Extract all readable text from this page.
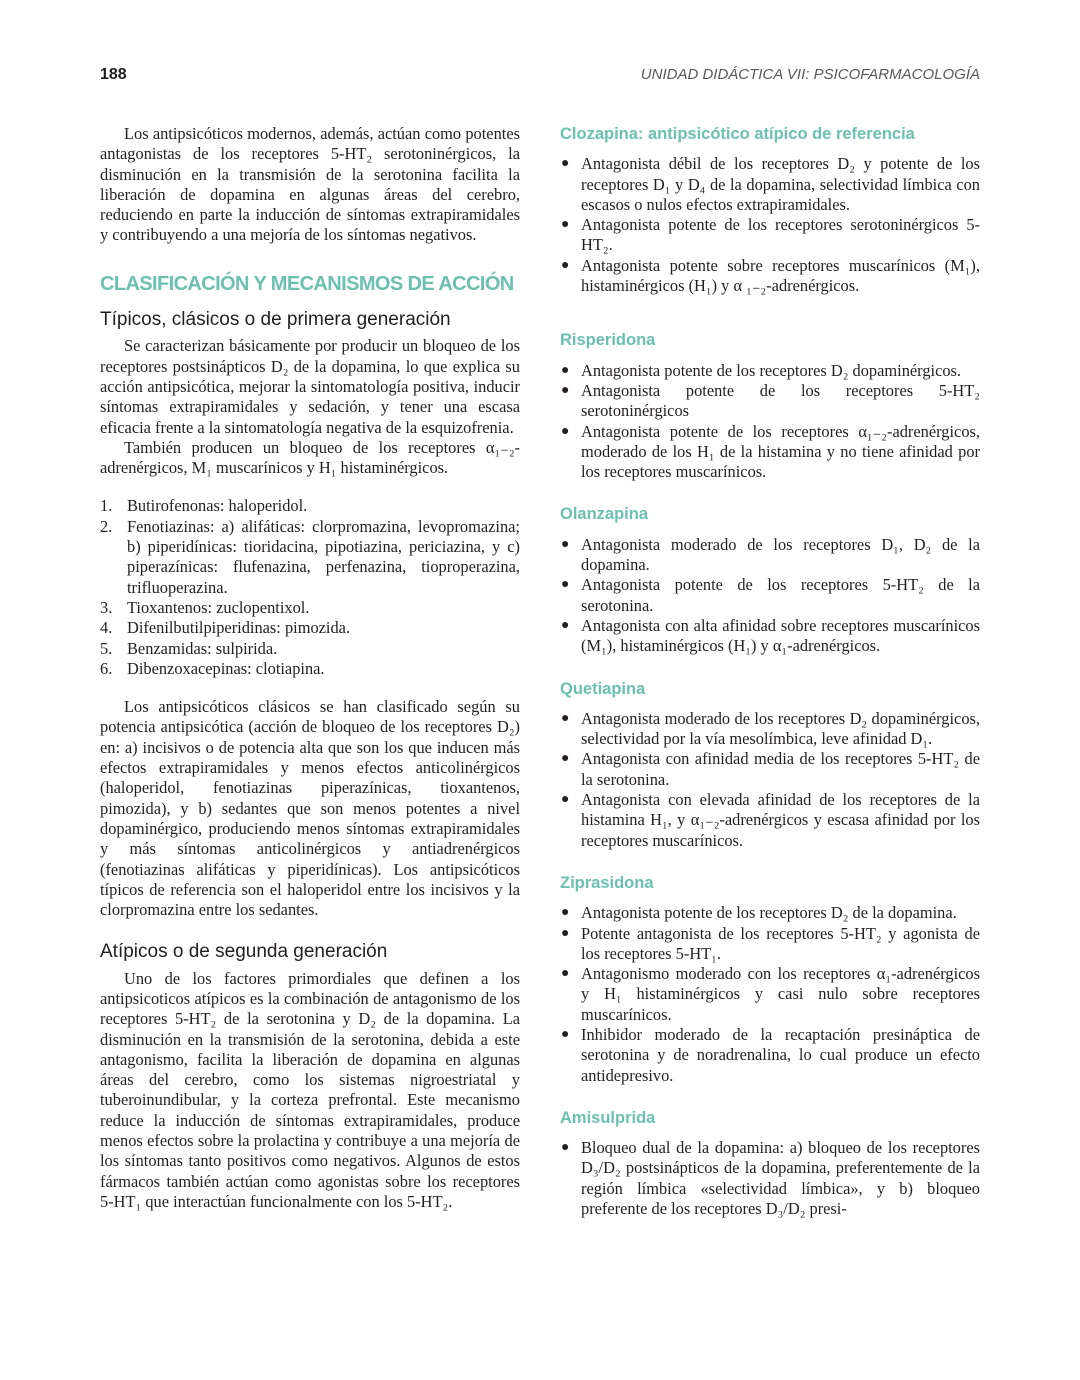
188	UNIDAD DIDÁCTICA VII: PSICOFARMACOLOGÍA

Los antipsicóticos modernos, además, actúan como potentes antagonistas de los receptores 5-HT₂ serotoninérgicos, la disminución en la transmisión de la serotonina facilita la liberación de dopamina en algunas áreas del cerebro, reduciendo en parte la inducción de síntomas extrapiramidales y contribuyendo a una mejoría de los síntomas negativos.

CLASIFICACIÓN Y MECANISMOS DE ACCIÓN
Típicos, clásicos o de primera generación

Se caracterizan básicamente por producir un bloqueo de los receptores postsinápticos D₂ de la dopamina, lo que explica su acción antipsicótica, mejorar la sintomatología positiva, inducir síntomas extrapiramidales y sedación, y tener una escasa eficacia frente a la sintomatología negativa de la esquizofrenia.

También producen un bloqueo de los receptores α₁₋₂-adrenérgicos, M₁ muscarínicos y H₁ histaminérgicos.

1. Butirofenonas: haloperidol.
2. Fenotiazinas: a) alifáticas: clorpromazina, levopromazina; b) piperidínicas: tioridacina, pipotiazina, periciazina, y c) piperazínicas: flufenazina, perfenazina, tioproperazina, trifluoperazina.
3. Tioxantenos: zuclopentixol.
4. Difenilbutilpiperidinas: pimozida.
5. Benzamidas: sulpirida.
6. Dibenzoxacepinas: clotiapina.

Los antipsicóticos clásicos se han clasificado según su potencia antipsicótica (acción de bloqueo de los receptores D₂) en: a) incisivos o de potencia alta que son los que inducen más efectos extrapiramidales y menos efectos anticolinérgicos (haloperidol, fenotiazinas piperazínicas, tioxantenos, pimozida), y b) sedantes que son menos potentes a nivel dopaminérgico, produciendo menos síntomas extrapiramidales y más síntomas anticolinérgicos y antiadrenérgicos (fenotiazinas alifáticas y piperidínicas). Los antipsicóticos típicos de referencia son el haloperidol entre los incisivos y la clorpromazina entre los sedantes.

Atípicos o de segunda generación

Uno de los factores primordiales que definen a los antipsicoticos atípicos es la combinación de antagonismo de los receptores 5-HT₂ de la serotonina y D₂ de la dopamina. La disminución en la transmisión de la serotonina, debida a este antagonismo, facilita la liberación de dopamina en algunas áreas del cerebro, como los sistemas nigroestriatal y tuberoinundibular, y la corteza prefrontal. Este mecanismo reduce la inducción de síntomas extrapiramidales, produce menos efectos sobre la prolactina y contribuye a una mejoría de los síntomas tanto positivos como negativos. Algunos de estos fármacos también actúan como agonistas sobre los receptores 5-HT₁ que interactúan funcionalmente con los 5-HT₂.

Clozapina: antipsicótico atípico de referencia
● Antagonista débil de los receptores D₂ y potente de los receptores D₁ y D₄ de la dopamina, selectividad límbica con escasos o nulos efectos extrapiramidales.
● Antagonista potente de los receptores serotoninérgicos 5-HT₂.
● Antagonista potente sobre receptores muscarínicos (M₁), histaminérgicos (H₁) y α ₁₋₂-adrenérgicos.
Risperidona
● Antagonista potente de los receptores D₂ dopaminérgicos.
● Antagonista potente de los receptores 5-HT₂ serotoninérgicos
● Antagonista potente de los receptores α₁₋₂-adrenérgicos, moderado de los H₁ de la histamina y no tiene afinidad por los receptores muscarínicos.
Olanzapina
● Antagonista moderado de los receptores D₁, D₂ de la dopamina.
● Antagonista potente de los receptores 5-HT₂ de la serotonina.
● Antagonista con alta afinidad sobre receptores muscarínicos (M₁), histaminérgicos (H₁) y α₁-adrenérgicos.
Quetiapina
● Antagonista moderado de los receptores D₂ dopaminérgicos, selectividad por la vía mesolímbica, leve afinidad D₁.
● Antagonista con afinidad media de los receptores 5-HT₂ de la serotonina.
● Antagonista con elevada afinidad de los receptores de la histamina H₁, y α₁₋₂-adrenérgicos y escasa afinidad por los receptores muscarínicos.
Ziprasidona
● Antagonista potente de los receptores D₂ de la dopamina.
● Potente antagonista de los receptores 5-HT₂ y agonista de los receptores 5-HT₁.
● Antagonismo moderado con los receptores α₁-adrenérgicos y H₁ histaminérgicos y casi nulo sobre receptores muscarínicos.
● Inhibidor moderado de la recaptación presináptica de serotonina y de noradrenalina, lo cual produce un efecto antidepresivo.
Amisulprida
● Bloqueo dual de la dopamina: a) bloqueo de los receptores D₃/D₂ postsinápticos de la dopamina, preferentemente de la región límbica «selectividad límbica», y b) bloqueo preferente de los receptores D₃/D₂ presi-
